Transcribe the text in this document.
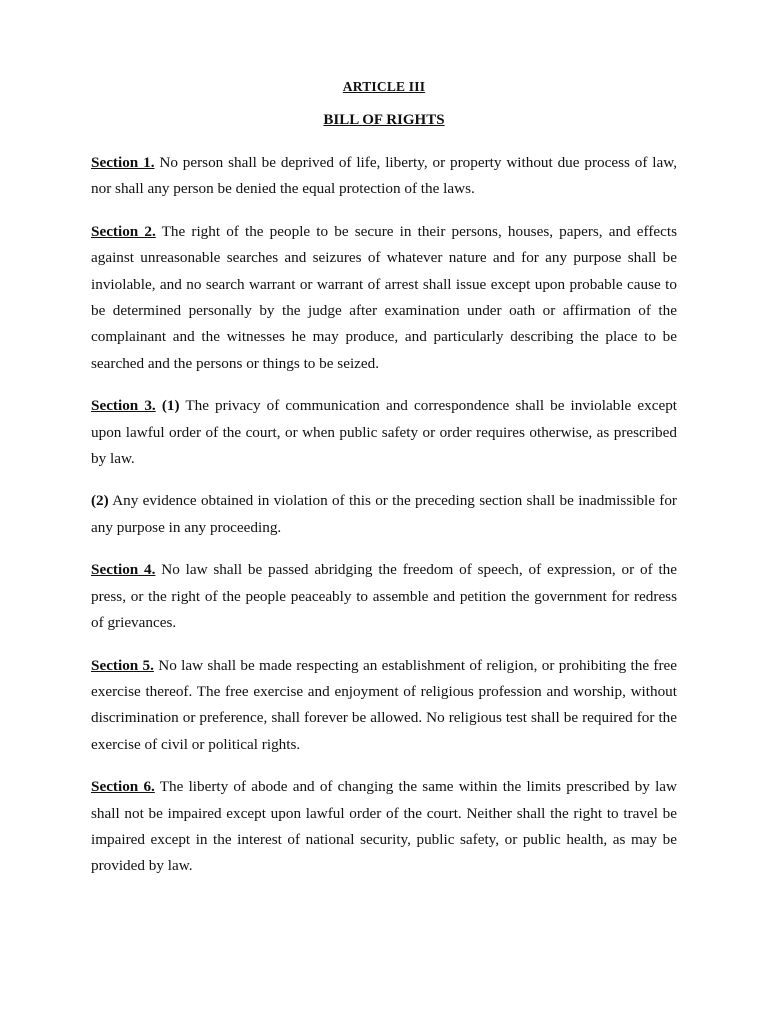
ARTICLE III

BILL OF RIGHTS

Section 1. No person shall be deprived of life, liberty, or property without due process of law, nor shall any person be denied the equal protection of the laws.

Section 2. The right of the people to be secure in their persons, houses, papers, and effects against unreasonable searches and seizures of whatever nature and for any purpose shall be inviolable, and no search warrant or warrant of arrest shall issue except upon probable cause to be determined personally by the judge after examination under oath or affirmation of the complainant and the witnesses he may produce, and particularly describing the place to be searched and the persons or things to be seized.

Section 3. (1) The privacy of communication and correspondence shall be inviolable except upon lawful order of the court, or when public safety or order requires otherwise, as prescribed by law.

(2) Any evidence obtained in violation of this or the preceding section shall be inadmissible for any purpose in any proceeding.

Section 4. No law shall be passed abridging the freedom of speech, of expression, or of the press, or the right of the people peaceably to assemble and petition the government for redress of grievances.

Section 5. No law shall be made respecting an establishment of religion, or prohibiting the free exercise thereof. The free exercise and enjoyment of religious profession and worship, without discrimination or preference, shall forever be allowed. No religious test shall be required for the exercise of civil or political rights.

Section 6. The liberty of abode and of changing the same within the limits prescribed by law shall not be impaired except upon lawful order of the court. Neither shall the right to travel be impaired except in the interest of national security, public safety, or public health, as may be provided by law.
